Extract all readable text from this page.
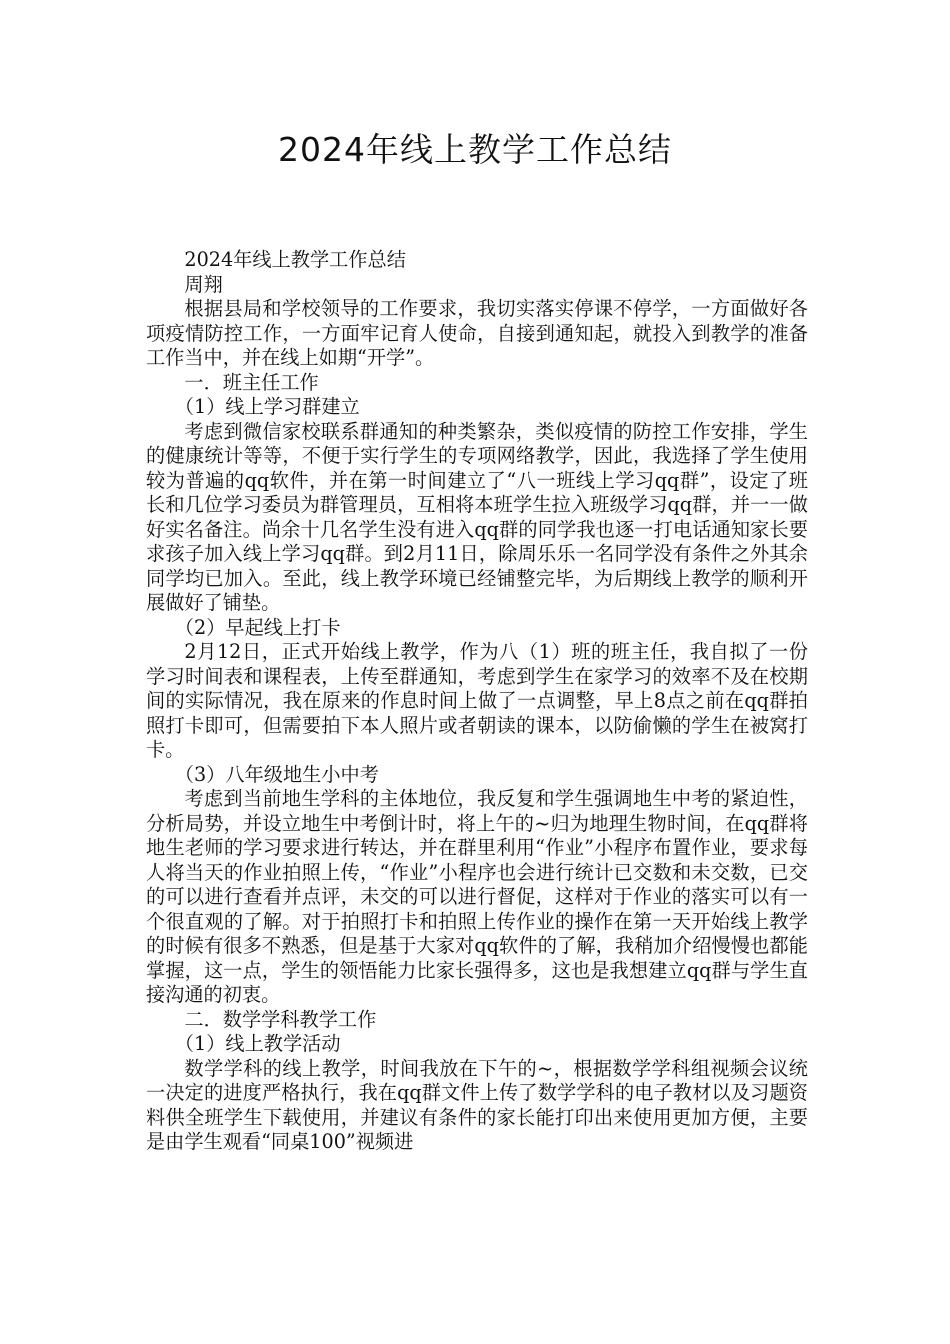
2024年线上教学工作总结

2024年线上教学工作总结

周翔

根据县局和学校领导的工作要求，我切实落实停课不停学，一方面做好各项疫情防控工作，一方面牢记育人使命，自接到通知起，就投入到教学的准备工作当中，并在线上如期“开学”。

一．班主任工作

（1）线上学习群建立

考虑到微信家校联系群通知的种类繁杂，类似疫情的防控工作安排，学生的健康统计等等，不便于实行学生的专项网络教学，因此，我选择了学生使用较为普遍的qq软件，并在第一时间建立了“八一班线上学习qq群”，设定了班长和几位学习委员为群管理员，互相将本班学生拉入班级学习qq群，并一一做好实名备注。尚余十几名学生没有进入qq群的同学我也逐一打电话通知家长要求孩子加入线上学习qq群。到2月11日，除周乐乐一名同学没有条件之外其余同学均已加入。至此，线上教学环境已经铺整完毕，为后期线上教学的顺利开展做好了铺垫。

（2）早起线上打卡

2月12日，正式开始线上教学，作为八（1）班的班主任，我自拟了一份学习时间表和课程表，上传至群通知，考虑到学生在家学习的效率不及在校期间的实际情况，我在原来的作息时间上做了一点调整，早上8点之前在qq群拍照打卡即可，但需要拍下本人照片或者朝读的课本，以防偷懒的学生在被窝打卡。

（3）八年级地生小中考

考虑到当前地生学科的主体地位，我反复和学生强调地生中考的紧迫性，分析局势，并设立地生中考倒计时，将上午的~归为地理生物时间，在qq群将地生老师的学习要求进行转达，并在群里利用“作业”小程序布置作业，要求每人将当天的作业拍照上传，“作业”小程序也会进行统计已交数和未交数，已交的可以进行查看并点评，未交的可以进行督促，这样对于作业的落实可以有一个很直观的了解。对于拍照打卡和拍照上传作业的操作在第一天开始线上教学的时候有很多不熟悉，但是基于大家对qq软件的了解，我稍加介绍慢慢也都能掌握，这一点，学生的领悟能力比家长强得多，这也是我想建立qq群与学生直接沟通的初衷。

二．数学学科教学工作

（1）线上教学活动

数学学科的线上教学，时间我放在下午的~，根据数学学科组视频会议统一决定的进度严格执行，我在qq群文件上传了数学学科的电子教材以及习题资料供全班学生下载使用，并建议有条件的家长能打印出来使用更加方便，主要是由学生观看“同桌100”视频进
